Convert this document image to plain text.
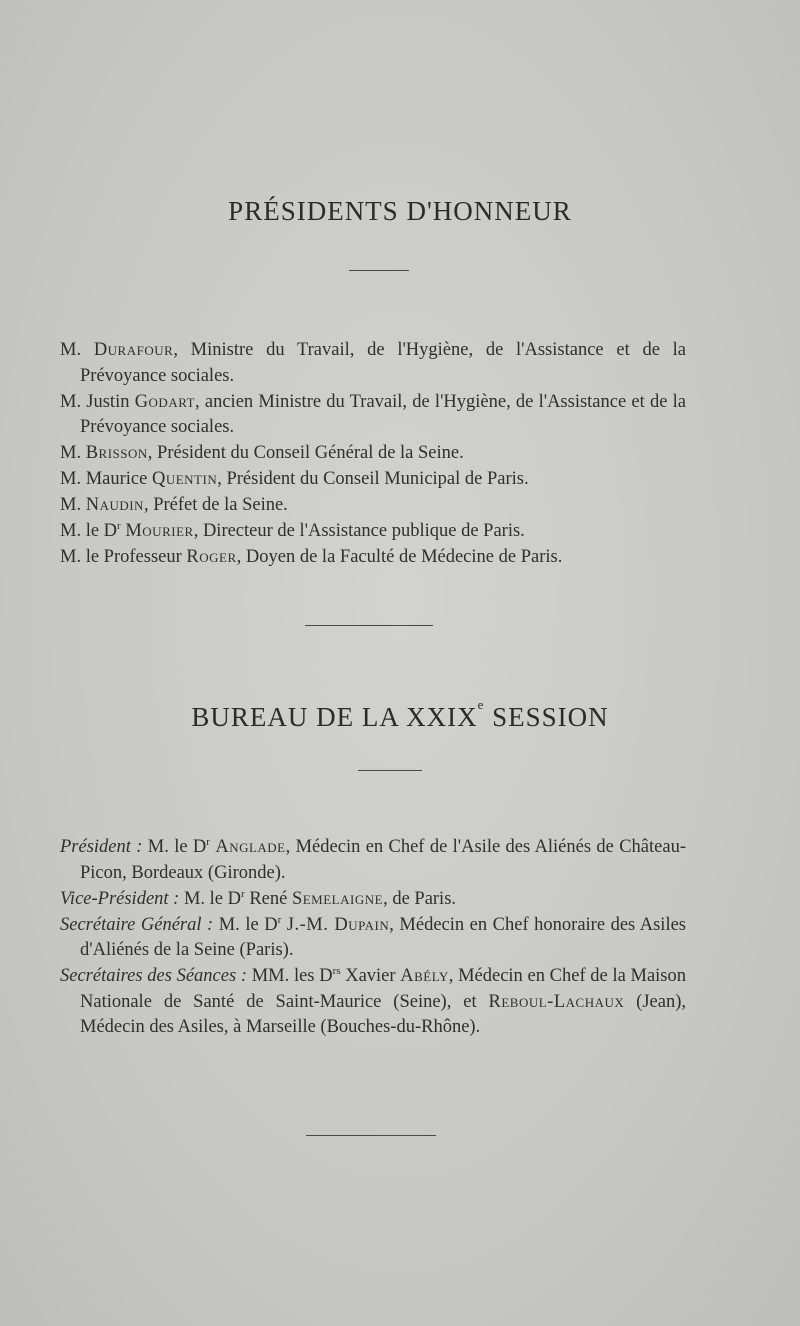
PRÉSIDENTS D'HONNEUR

M. Durafour, Ministre du Travail, de l'Hygiène, de l'Assistance et de la Prévoyance sociales.

M. Justin Godart, ancien Ministre du Travail, de l'Hygiène, de l'Assistance et de la Prévoyance sociales.

M. Brisson, Président du Conseil Général de la Seine.

M. Maurice Quentin, Président du Conseil Municipal de Paris.

M. Naudin, Préfet de la Seine.

M. le $D^r$ Mourier, Directeur de l'Assistance publique de Paris.

M. le Professeur Roger, Doyen de la Faculté de Médecine de Paris.

BUREAU DE LA XXIXe SESSION

Président : M. le $D^r$ Anglade, Médecin en Chef de l'Asile des Aliénés de Château-Picon, Bordeaux (Gironde).

Vice-Président : M. le $D^r$ René Semelaigne, de Paris.

Secrétaire Général : M. le $D^r$ J.-M. Dupain, Médecin en Chef honoraire des Asiles d'Aliénés de la Seine (Paris).

Secrétaires des Séances : MM. les $D^{rs}$ Xavier Abély, Médecin en Chef de la Maison Nationale de Santé de Saint-Maurice (Seine), et Reboul-Lachaux (Jean), Médecin des Asiles, à Marseille (Bouches-du-Rhône).
